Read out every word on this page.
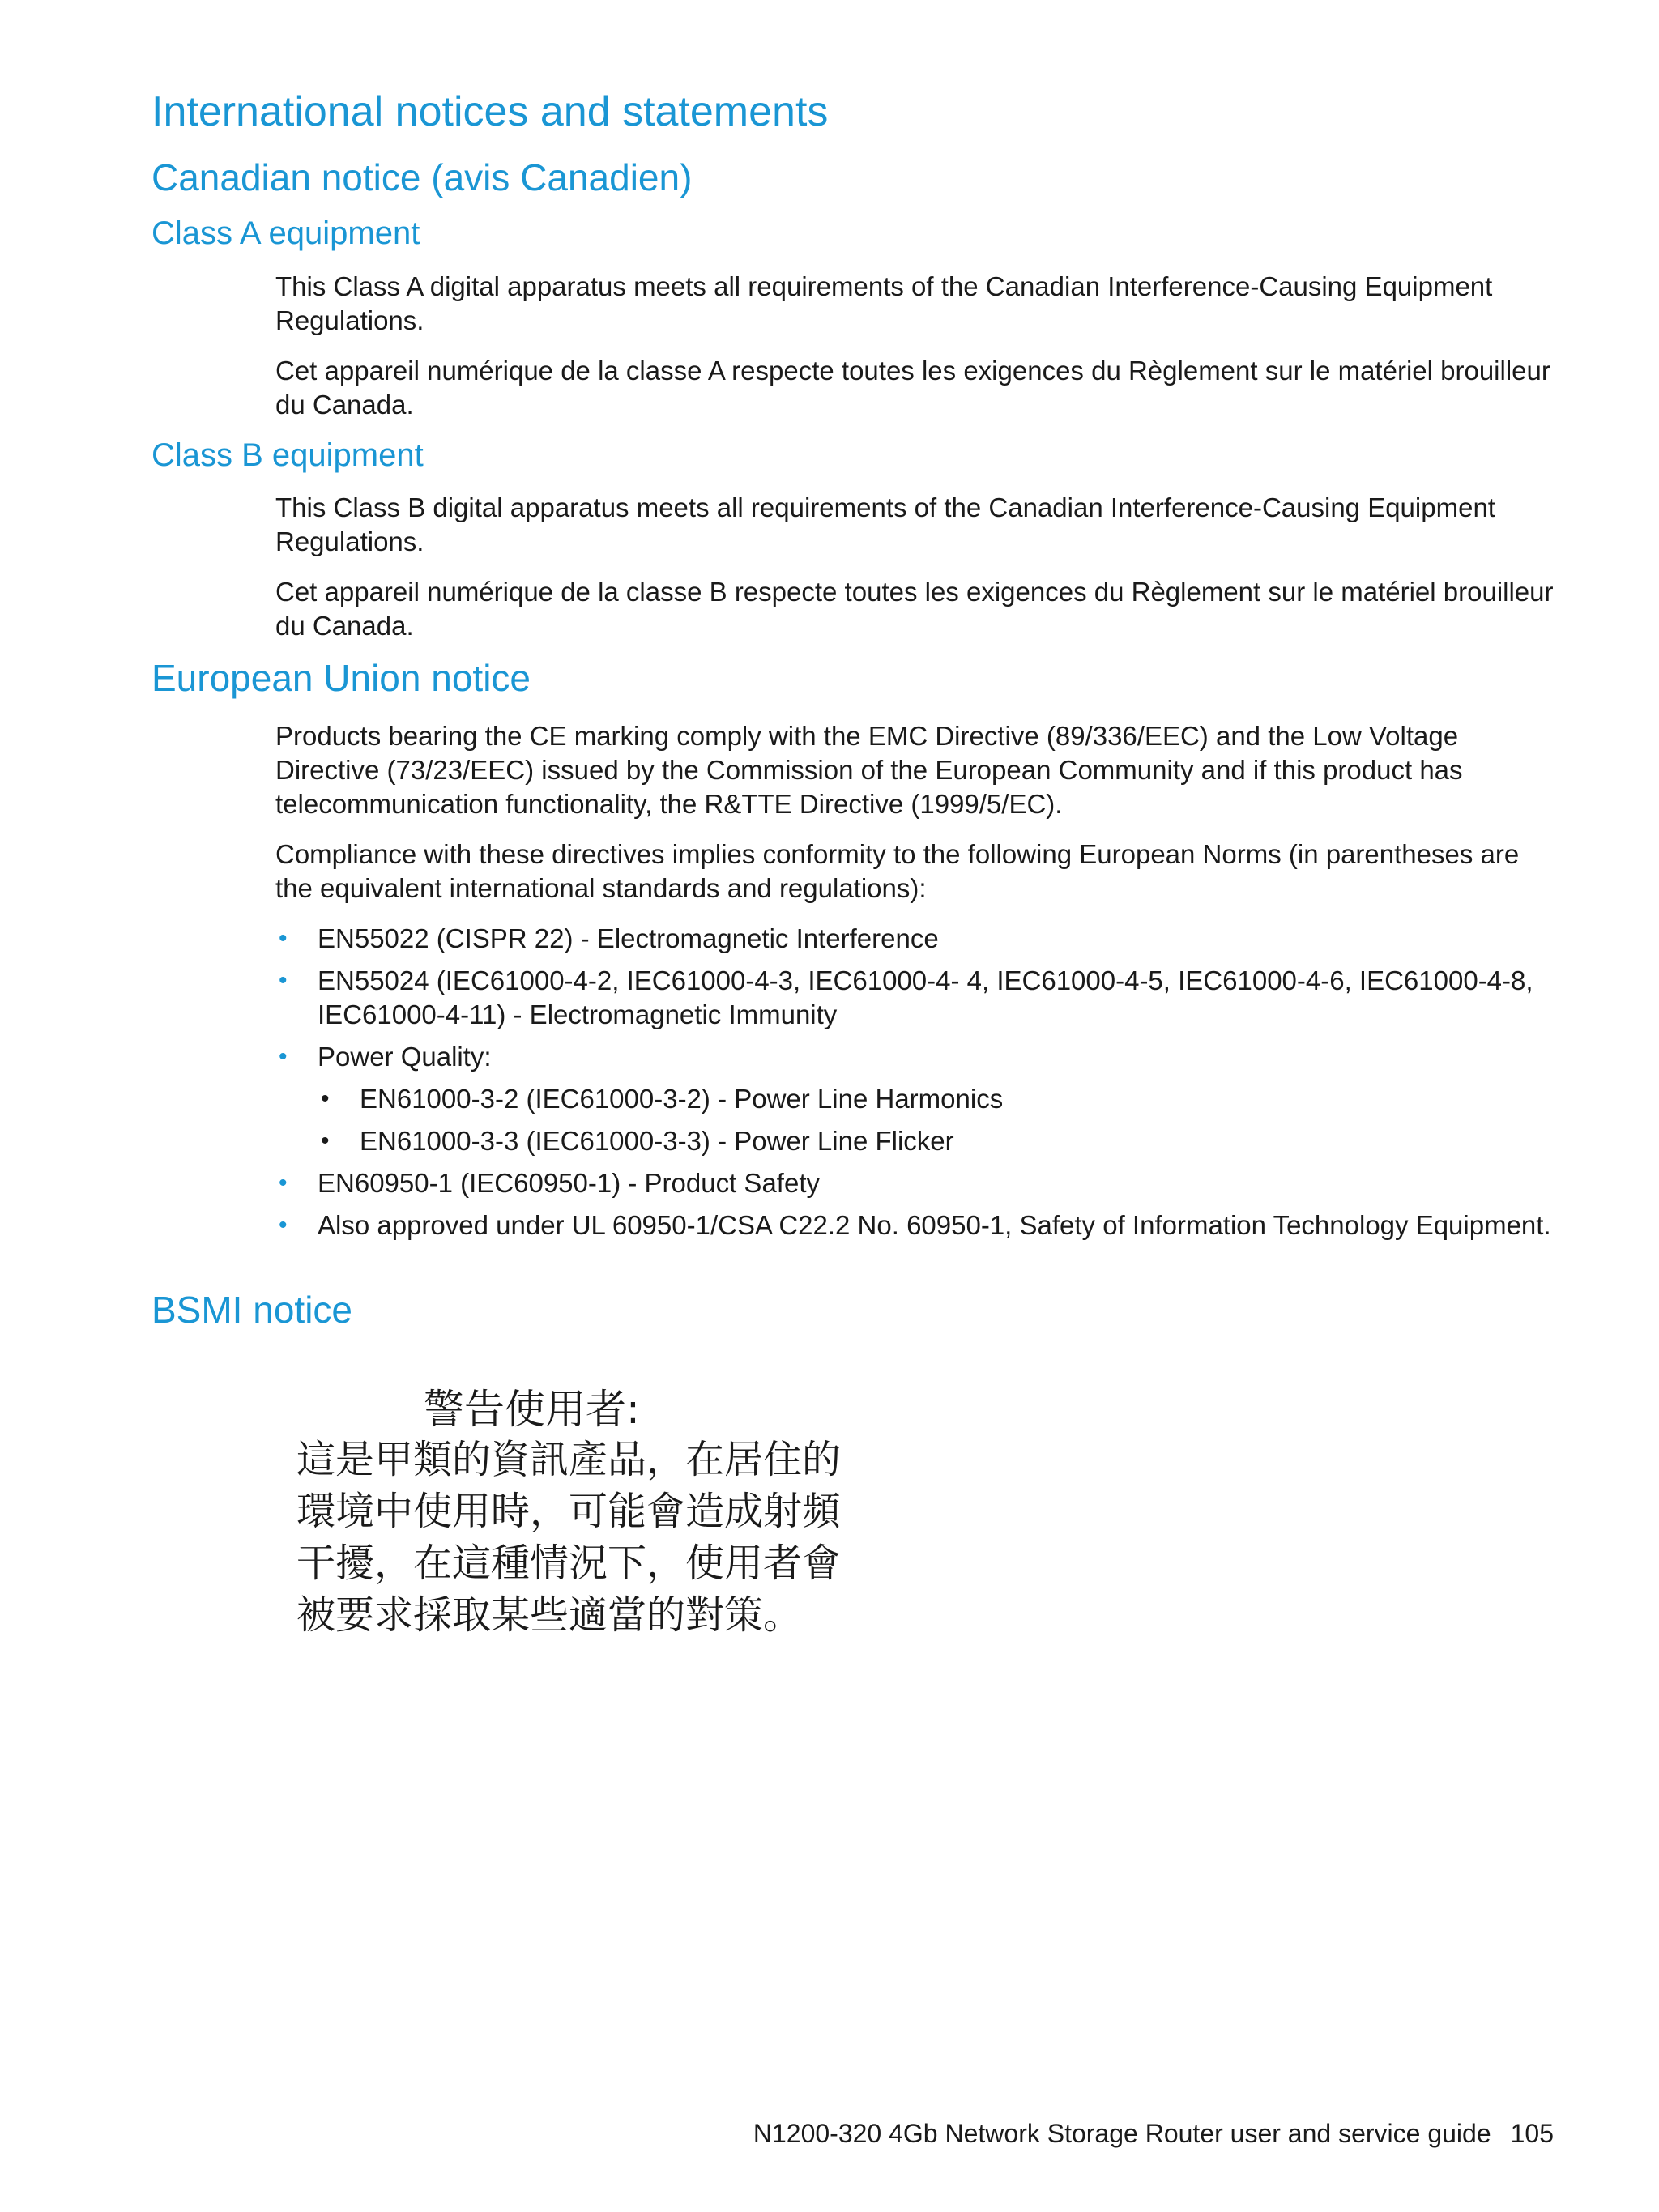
International notices and statements
Canadian notice (avis Canadien)
Class A equipment

This Class A digital apparatus meets all requirements of the Canadian Interference-Causing Equipment Regulations.

Cet appareil numérique de la classe A respecte toutes les exigences du Règlement sur le matériel brouilleur du Canada.

Class B equipment

This Class B digital apparatus meets all requirements of the Canadian Interference-Causing Equipment Regulations.

Cet appareil numérique de la classe B respecte toutes les exigences du Règlement sur le matériel brouilleur du Canada.

European Union notice

Products bearing the CE marking comply with the EMC Directive (89/336/EEC) and the Low Voltage Directive (73/23/EEC) issued by the Commission of the European Community and if this product has telecommunication functionality, the R&TTE Directive (1999/5/EC).

Compliance with these directives implies conformity to the following European Norms (in parentheses are the equivalent international standards and regulations):

• EN55022 (CISPR 22) - Electromagnetic Interference
• EN55024 (IEC61000-4-2, IEC61000-4-3, IEC61000-4- 4, IEC61000-4-5, IEC61000-4-6, IEC61000-4-8, IEC61000-4-11) - Electromagnetic Immunity
• Power Quality:
• EN61000-3-2 (IEC61000-3-2) - Power Line Harmonics
• EN61000-3-3 (IEC61000-3-3) - Power Line Flicker
• EN60950-1 (IEC60950-1) - Product Safety
• Also approved under UL 60950-1/CSA C22.2 No. 60950-1, Safety of Information Technology Equipment.
BSMI notice
警告使用者:
這是甲類的資訊產品，在居住的
環境中使用時，可能會造成射頻
干擾，在這種情況下，使用者會
被要求採取某些適當的對策。
N1200-320 4Gb Network Storage Router user and service guide 105
